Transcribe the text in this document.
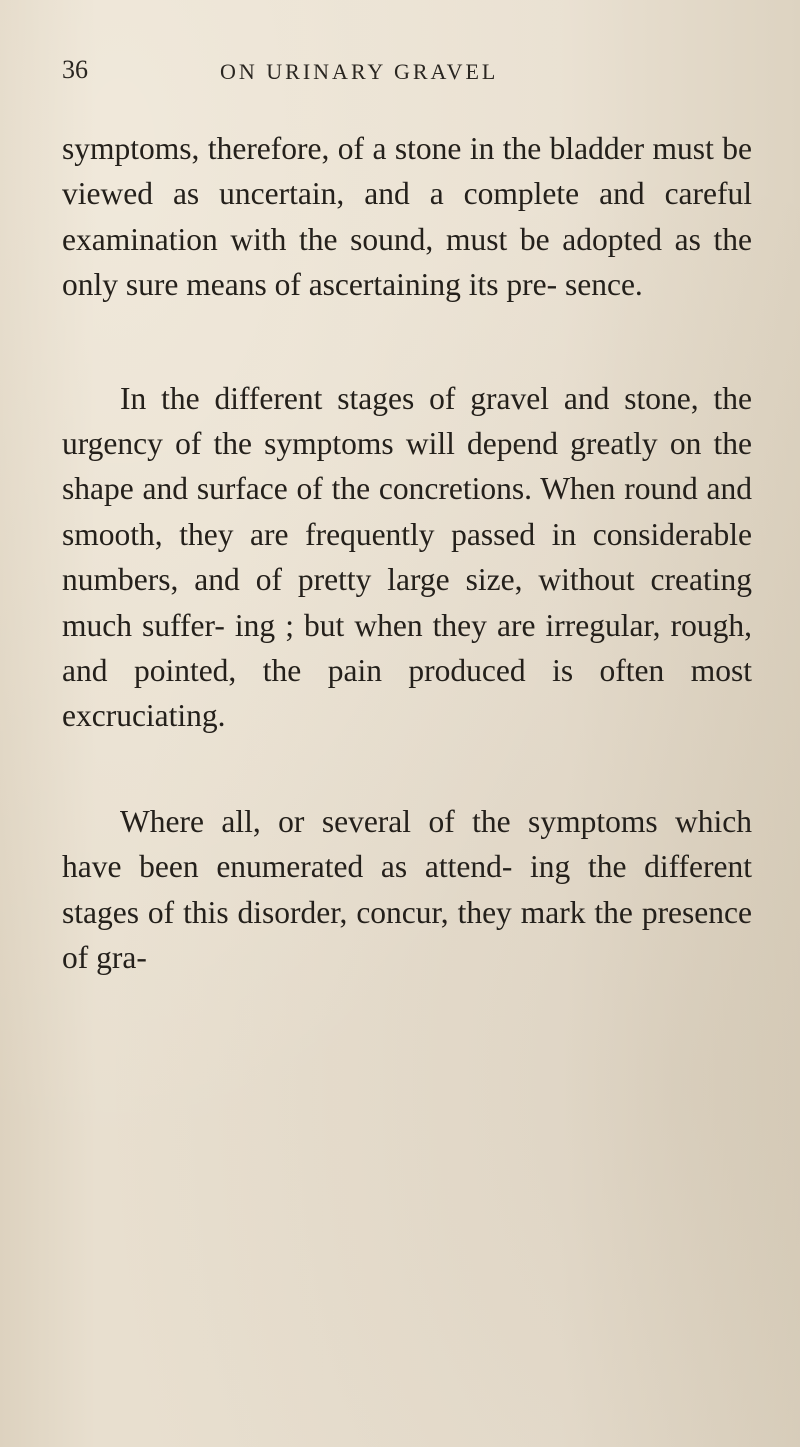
36	ON URINARY GRAVEL

symptoms, therefore, of a stone in the bladder must be viewed as uncertain, and a complete and careful examination with the sound, must be adopted as the only sure means of ascertaining its pre- sence.

In the different stages of gravel and stone, the urgency of the symptoms will depend greatly on the shape and surface of the concretions. When round and smooth, they are frequently passed in considerable numbers, and of pretty large size, without creating much suffer- ing ; but when they are irregular, rough, and pointed, the pain produced is often most excruciating.

Where all, or several of the symptoms which have been enumerated as attend- ing the different stages of this disorder, concur, they mark the presence of gra-
